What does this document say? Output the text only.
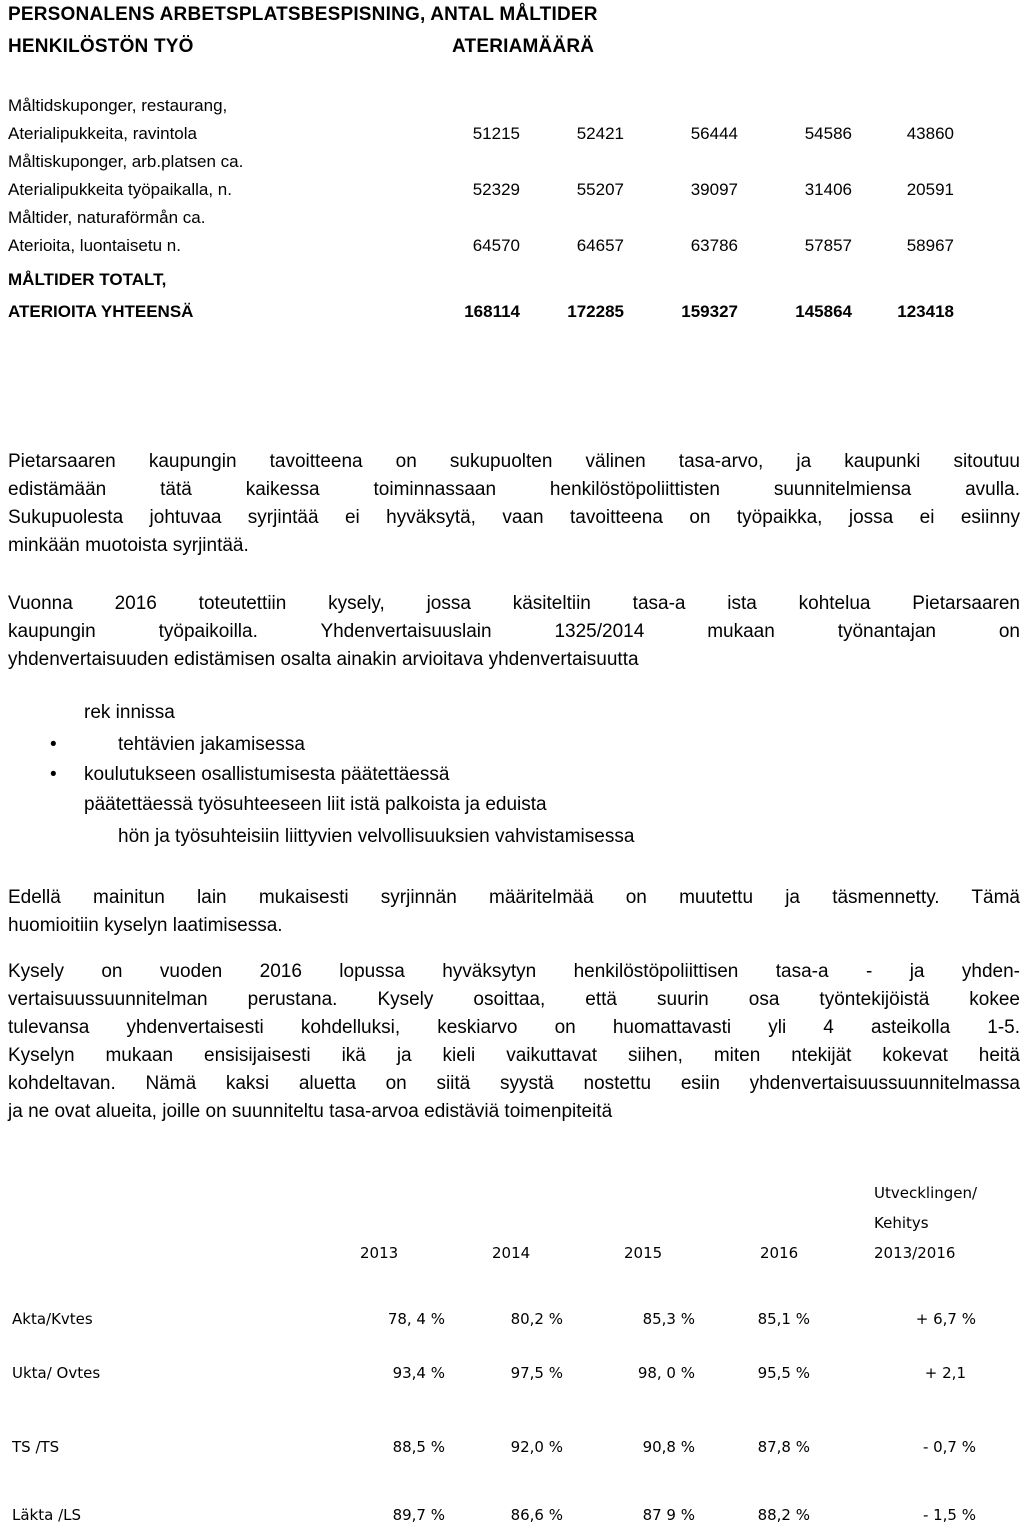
PERSONALENS ARBETSPLATSBESPISNING, ANTAL MÅLTIDER
HENKILÖSTÖN TYÖ	ATERIAMÄÄRÄ
Måltidskuponger, restaurang,
Aterialipukkeita, ravintola	51215	52421	56444	54586	43860
Måltiskuponger, arb.platsen ca.
Aterialipukkeita työpaikalla, n.	52329	55207	39097	31406	20591
Måltider, naturaförmån ca.
Aterioita, luontaisetu n.	64570	64657	63786	57857	58967
MÅLTIDER TOTALT,
ATERIOITA YHTEENSÄ	168114	172285	159327	145864	123418
Pietarsaaren kaupungin tavoitteena on sukupuolten välinen tasa-arvo, ja kaupunki sitoutuu
edistämään tätä kaikessa toiminnassaan henkilöstöpoliittisten suunnitelmiensa avulla.
Sukupuolesta johtuvaa syrjintää ei hyväksytä, vaan tavoitteena on työpaikka, jossa ei esiinny
minkään muotoista syrjintää.
Vuonna 2016 toteutettiin kysely, jossa käsiteltiin tasa-a ista kohtelua Pietarsaaren
kaupungin työpaikoilla. Yhdenvertaisuuslain 1325/2014 mukaan työnantajan on
yhdenvertaisuuden edistämisen osalta ainakin arvioitava yhdenvertaisuutta
rek innissa
•	tehtävien jakamisessa
• koulutukseen osallistumisesta päätettäessä
päätettäessä työsuhteeseen liit istä palkoista ja eduista
hön ja työsuhteisiin liittyvien velvollisuuksien vahvistamisessa
Edellä mainitun lain mukaisesti syrjinnän määritelmää on muutettu ja täsmennetty. Tämä
huomioitiin kyselyn laatimisessa.
Kysely on vuoden 2016 lopussa hyväksytyn henkilöstöpoliittisen tasa-a - ja yhden-
vertaisuussuunnitelman perustana. Kysely osoittaa, että suurin osa työntekijöistä kokee
tulevansa yhdenvertaisesti kohdelluksi, keskiarvo on huomattavasti yli 4 asteikolla 1-5.
Kyselyn mukaan ensisijaisesti ikä ja kieli vaikuttavat siihen, miten ntekijät kokevat heitä
kohdeltavan. Nämä kaksi aluetta on siitä syystä nostettu esiin yhdenvertaisuussuunnitelmassa
ja ne ovat alueita, joille on suunniteltu tasa-arvoa edistäviä toimenpiteitä
Utvecklingen/
Kehitys
2013	2014	2015	2016	2013/2016
Akta/Kvtes	78, 4 %	80,2 %	85,3 %	85,1 %	+ 6,7 %
Ukta/ Ovtes	93,4 %	97,5 %	98, 0 %	95,5 %	+ 2,1
TS /TS	88,5 %	92,0 %	90,8 %	87,8 %	- 0,7 %
Läkta /LS	89,7 %	86,6 %	87 9 %	88,2 %	- 1,5 %
